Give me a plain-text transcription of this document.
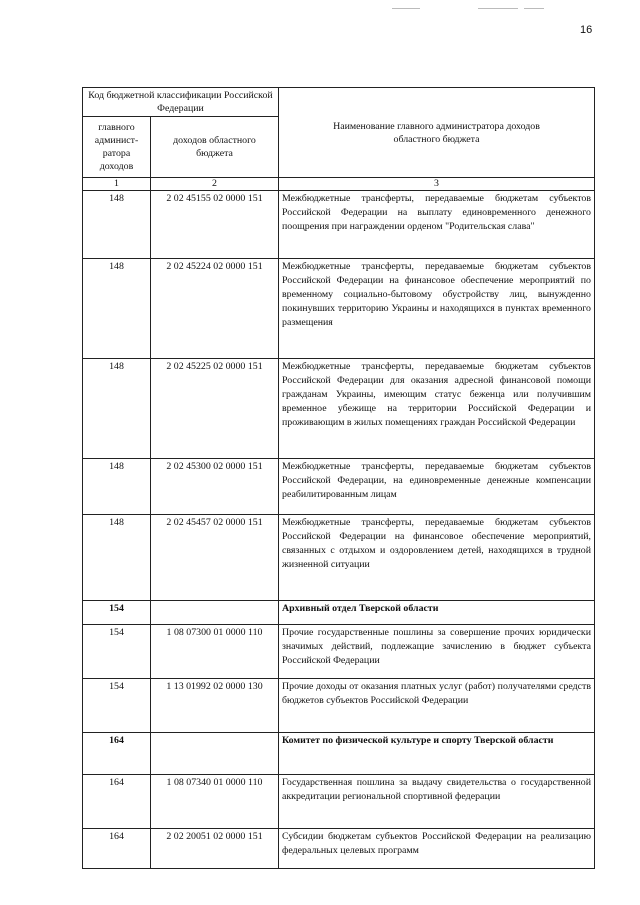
16
Код бюджетной классификации Российской Федерации		Наименование главного администратора доходов областного бюджета
главного админист-ратора доходов	доходов областного бюджета	
1	2	3
148	2 02 45155 02 0000 151	Межбюджетные трансферты, передаваемые бюджетам субъектов Российской Федерации на выплату единовременного денежного поощрения при награждении орденом "Родительская слава"
148	2 02 45224 02 0000 151	Межбюджетные трансферты, передаваемые бюджетам субъектов Российской Федерации на финансовое обеспечение мероприятий по временному социально-бытовому обустройству лиц, вынужденно покинувших территорию Украины и находящихся в пунктах временного размещения
148	2 02 45225 02 0000 151	Межбюджетные трансферты, передаваемые бюджетам субъектов Российской Федерации для оказания адресной финансовой помощи гражданам Украины, имеющим статус беженца или получившим временное убежище на территории Российской Федерации и проживающим в жилых помещениях граждан Российской Федерации
148	2 02 45300 02 0000 151	Межбюджетные трансферты, передаваемые бюджетам субъектов Российской Федерации, на единовременные денежные компенсации реабилитированным лицам
148	2 02 45457 02 0000 151	Межбюджетные трансферты, передаваемые бюджетам субъектов Российской Федерации на финансовое обеспечение мероприятий, связанных с отдыхом и оздоровлением детей, находящихся в трудной жизненной ситуации
154		Архивный отдел Тверской области
154	1 08 07300 01 0000 110	Прочие государственные пошлины за совершение прочих юридически значимых действий, подлежащие зачислению в бюджет субъекта Российской Федерации
154	1 13 01992 02 0000 130	Прочие доходы от оказания платных услуг (работ) получателями средств бюджетов субъектов Российской Федерации
164		Комитет по физической культуре и спорту Тверской области
164	1 08 07340 01 0000 110	Государственная пошлина за выдачу свидетельства о государственной аккредитации региональной спортивной федерации
164	2 02 20051 02 0000 151	Субсидии бюджетам субъектов Российской Федерации на реализацию федеральных целевых программ
